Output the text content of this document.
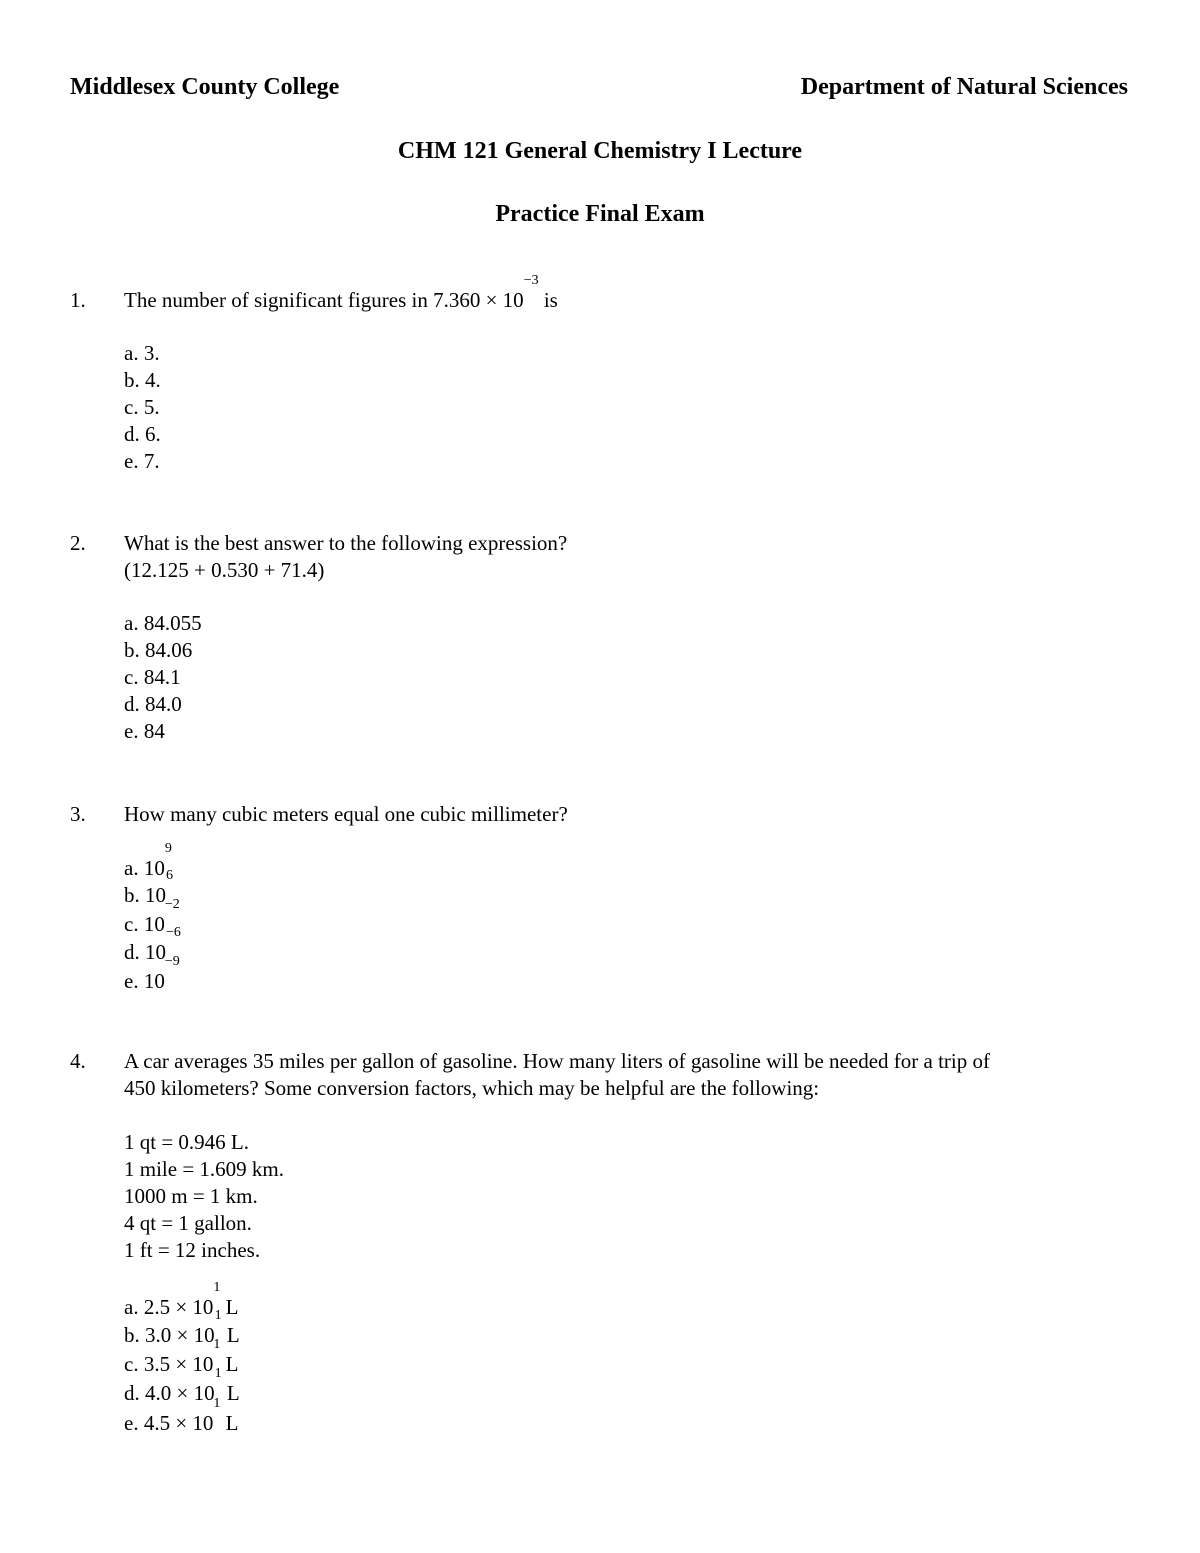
Middlesex County College	Department of Natural Sciences
CHM 121 General Chemistry I Lecture
Practice Final Exam
1. The number of significant figures in $7.360 \times 10^{-3}$ is
a. 3.
b. 4.
c. 5.
d. 6.
e. 7.
2. What is the best answer to the following expression?
(12.125 + 0.530 + 71.4)
a. 84.055
b. 84.06
c. 84.1
d. 84.0
e. 84
3. How many cubic meters equal one cubic millimeter?
a. $10^9$
b. $10^6$
c. $10^{-2}$
d. $10^{-6}$
e. $10^{-9}$
4. A car averages 35 miles per gallon of gasoline. How many liters of gasoline will be needed for a trip of
450 kilometers? Some conversion factors, which may be helpful are the following:
1 qt = 0.946 L.
1 mile = 1.609 km.
1000 m = 1 km.
4 qt = 1 gallon.
1 ft = 12 inches.
a. $2.5 \times 10^1$ L
b. $3.0 \times 10^1$ L
c. $3.5 \times 10^1$ L
d. $4.0 \times 10^1$ L
e. $4.5 \times 10^1$ L
